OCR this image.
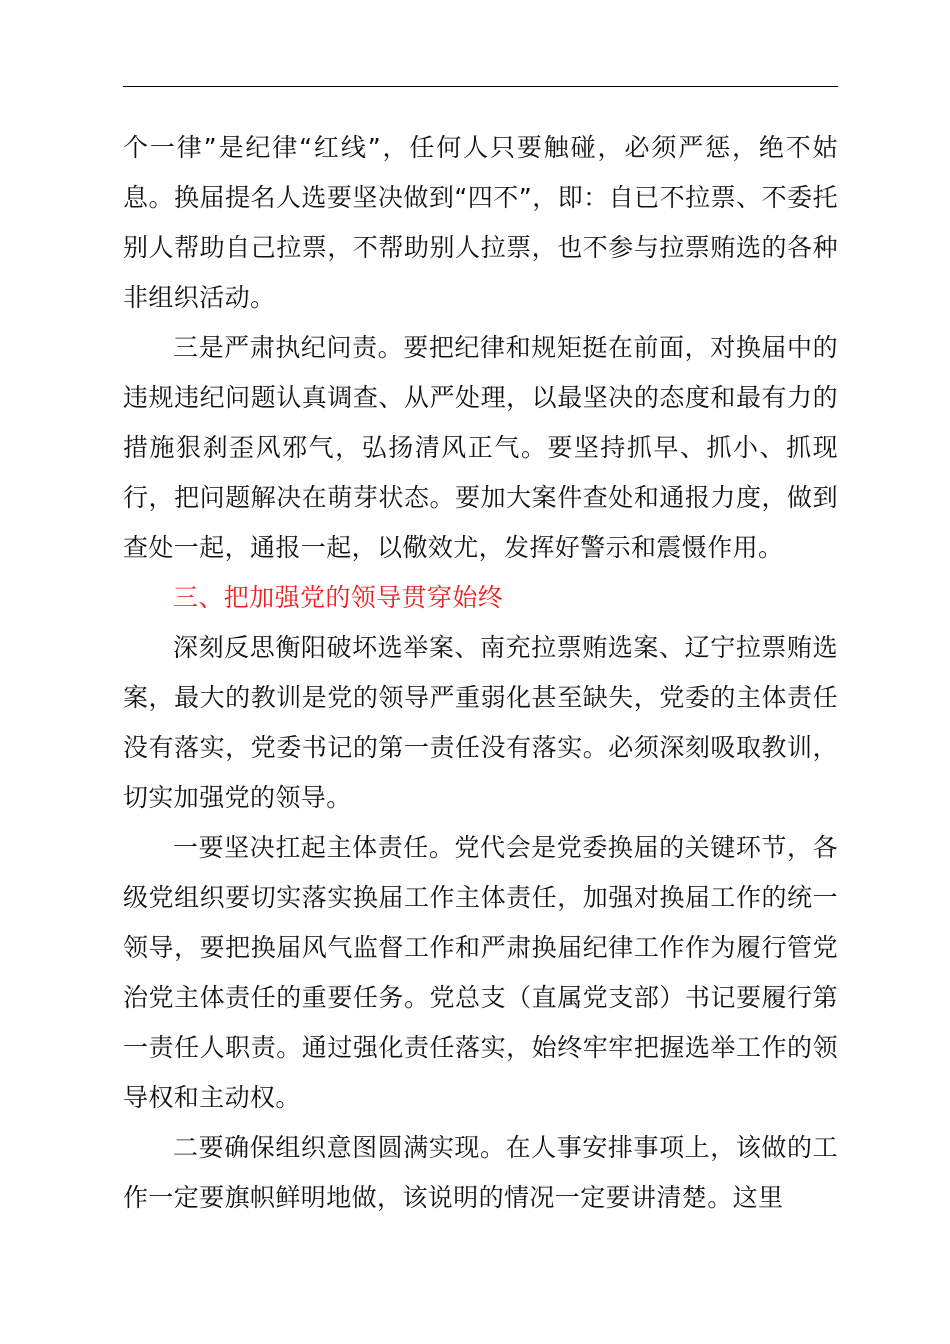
个一律”是纪律“红线”，任何人只要触碰，必须严惩，绝不姑息。换届提名人选要坚决做到“四不”，即：自已不拉票、不委托别人帮助自己拉票，不帮助别人拉票，也不参与拉票贿选的各种非组织活动。

三是严肃执纪问责。要把纪律和规矩挺在前面，对换届中的违规违纪问题认真调查、从严处理，以最坚决的态度和最有力的措施狠刹歪风邪气，弘扬清风正气。要坚持抓早、抓小、抓现行，把问题解决在萌芽状态。要加大案件查处和通报力度，做到查处一起，通报一起，以儆效尤，发挥好警示和震慑作用。

三、把加强党的领导贯穿始终

深刻反思衡阳破坏选举案、南充拉票贿选案、辽宁拉票贿选案，最大的教训是党的领导严重弱化甚至缺失，党委的主体责任没有落实，党委书记的第一责任没有落实。必须深刻吸取教训，切实加强党的领导。

一要坚决扛起主体责任。党代会是党委换届的关键环节，各级党组织要切实落实换届工作主体责任，加强对换届工作的统一领导，要把换届风气监督工作和严肃换届纪律工作作为履行管党治党主体责任的重要任务。党总支（直属党支部）书记要履行第一责任人职责。通过强化责任落实，始终牢牢把握选举工作的领导权和主动权。

二要确保组织意图圆满实现。在人事安排事项上，该做的工作一定要旗帜鲜明地做，该说明的情况一定要讲清楚。这里
